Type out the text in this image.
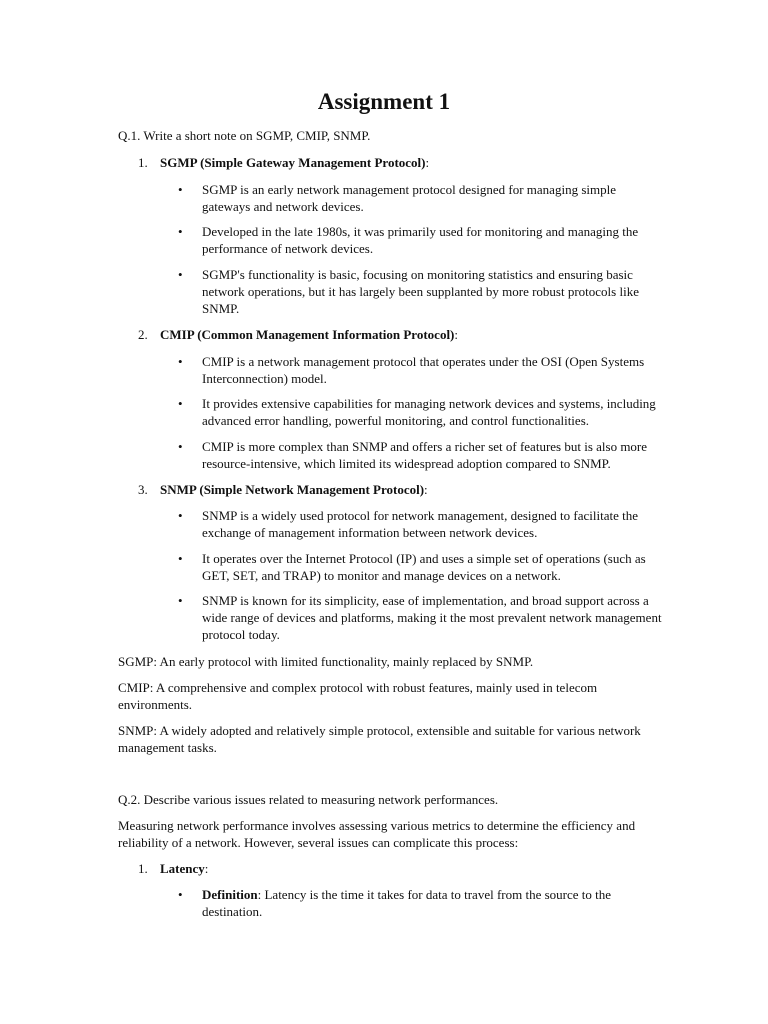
Assignment 1

Q.1. Write a short note on SGMP, CMIP, SNMP.

1. SGMP (Simple Gateway Management Protocol):
• SGMP is an early network management protocol designed for managing simple gateways and network devices.
• Developed in the late 1980s, it was primarily used for monitoring and managing the performance of network devices.
• SGMP's functionality is basic, focusing on monitoring statistics and ensuring basic network operations, but it has largely been supplanted by more robust protocols like SNMP.
2. CMIP (Common Management Information Protocol):
• CMIP is a network management protocol that operates under the OSI (Open Systems Interconnection) model.
• It provides extensive capabilities for managing network devices and systems, including advanced error handling, powerful monitoring, and control functionalities.
• CMIP is more complex than SNMP and offers a richer set of features but is also more resource-intensive, which limited its widespread adoption compared to SNMP.
3. SNMP (Simple Network Management Protocol):
• SNMP is a widely used protocol for network management, designed to facilitate the exchange of management information between network devices.
• It operates over the Internet Protocol (IP) and uses a simple set of operations (such as GET, SET, and TRAP) to monitor and manage devices on a network.
• SNMP is known for its simplicity, ease of implementation, and broad support across a wide range of devices and platforms, making it the most prevalent network management protocol today.

SGMP: An early protocol with limited functionality, mainly replaced by SNMP.

CMIP: A comprehensive and complex protocol with robust features, mainly used in telecom environments.

SNMP: A widely adopted and relatively simple protocol, extensible and suitable for various network management tasks.

Q.2. Describe various issues related to measuring network performances.

Measuring network performance involves assessing various metrics to determine the efficiency and reliability of a network. However, several issues can complicate this process:

1. Latency:
• Definition: Latency is the time it takes for data to travel from the source to the destination.
